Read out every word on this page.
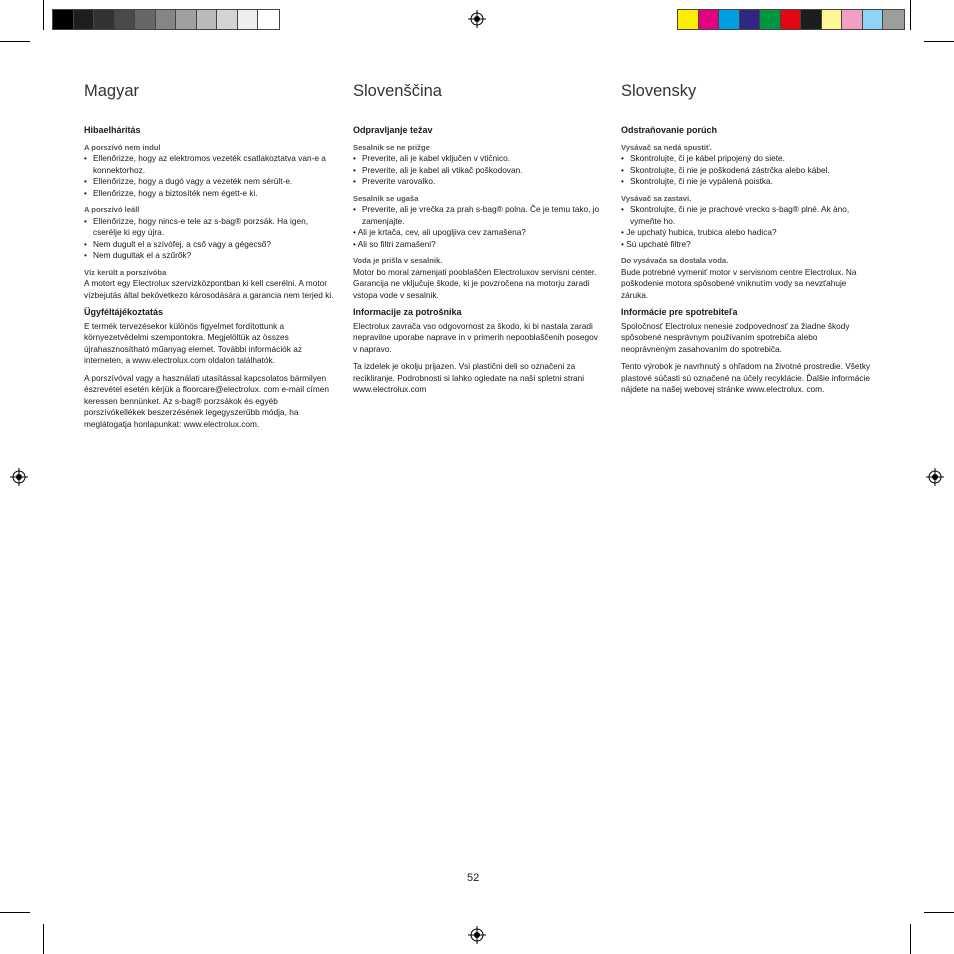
Magyar
Hibaelhárítás
A porszívó nem indul
• Ellenőrizze, hogy az elektromos vezeték csatlakoztatva van-e a konnektorhoz.
• Ellenőrizze, hogy a dugó vagy a vezeték nem sérült-e.
• Ellenőrizze, hogy a biztosíték nem égett-e ki.
A porszívó leáll
• Ellenőrizze, hogy nincs-e tele az s-bag® porzsák. Ha igen, cserélje ki egy újra.
• Nem dugult el a szívófej, a cső vagy a gégecső?
• Nem dugultak el a szűrők?
Víz került a porszívóba

A motort egy Electrolux szervizközpontban ki kell cserélni. A motor vízbejutás által bekövetkezo károsodására a garancia nem terjed ki.

Ügyféltájékoztatás

E termék tervezésekor különös figyelmet fordítottunk a környezetvédelmi szempontokra. Megjelöltük az összes újrahasznosítható műanyag elemet. További információk az interneten, a www.electrolux.com oldalon találhatók.

A porszívóval vagy a használati utasítással kapcsolatos bármilyen észrevétel esetén kérjük a floorcare@electrolux. com e-mail címen keressen bennünket. Az s-bag® porzsákok és egyéb porszívókellékek beszerzésének legegyszerűbb módja, ha meglátogatja honlapunkat: www.electrolux.com.

Slovenščina
Odpravljanje težav
Sesalnik se ne prižge
• Preverite, ali je kabel vključen v vtičnico.
• Preverite, ali je kabel ali vtikač poškodovan.
• Preverite varovalko.
Sesalnik se ugaša
• Preverite, ali je vrečka za prah s-bag® polna. Če je temu tako, jo zamenjajte.
• Ali je krtača, cev, ali upogljiva cev zamašena?
• Ali so filtri zamašeni?
Voda je prišla v sesalnik.

Motor bo moral zamenjati pooblaščen Electroluxov servisni center. Garancija ne vključuje škode, ki je povzročena na motorju zaradi vstopa vode v sesalnik.

Informacije za potrošnika

Electrolux zavrača vso odgovornost za škodo, ki bi nastala zaradi nepravilne uporabe naprave in v primerih nepooblaščenih posegov v napravo.

Ta izdelek je okolju prijazen. Vsi plastični deli so označeni za recikliranje. Podrobnosti si lahko ogledate na naši spletni strani www.electrolux.com

Slovensky
Odstraňovanie porúch
Vysávač sa nedá spustiť.
• Skontrolujte, či je kábel pripojený do siete.
• Skontrolujte, či nie je poškodená zástrčka alebo kábel.
• Skontrolujte, či nie je vypálená poistka.
Vysávač sa zastaví.
• Skontrolujte, či nie je prachové vrecko s-bag® plné. Ak áno, vymeňte ho.
• Je upchatý hubica, trubica alebo hadica?
• Sú upchaté filtre?
Do vysávača sa dostala voda.

Bude potrebné vymeniť motor v servisnom centre Electrolux. Na poškodenie motora spôsobené vniknutím vody sa nevzťahuje záruka.

Informácie pre spotrebiteľa

Spoločnosť Electrolux nenesie zodpovednosť za žiadne škody spôsobené nesprávnym používaním spotrebiča alebo neoprávneným zasahovaním do spotrebiča.

Tento výrobok je navrhnutý s ohľadom na životné prostredie. Všetky plastové súčasti sú označené na účely recyklácie. Ďalšie informácie nájdete na našej webovej stránke www.electrolux. com.

52
